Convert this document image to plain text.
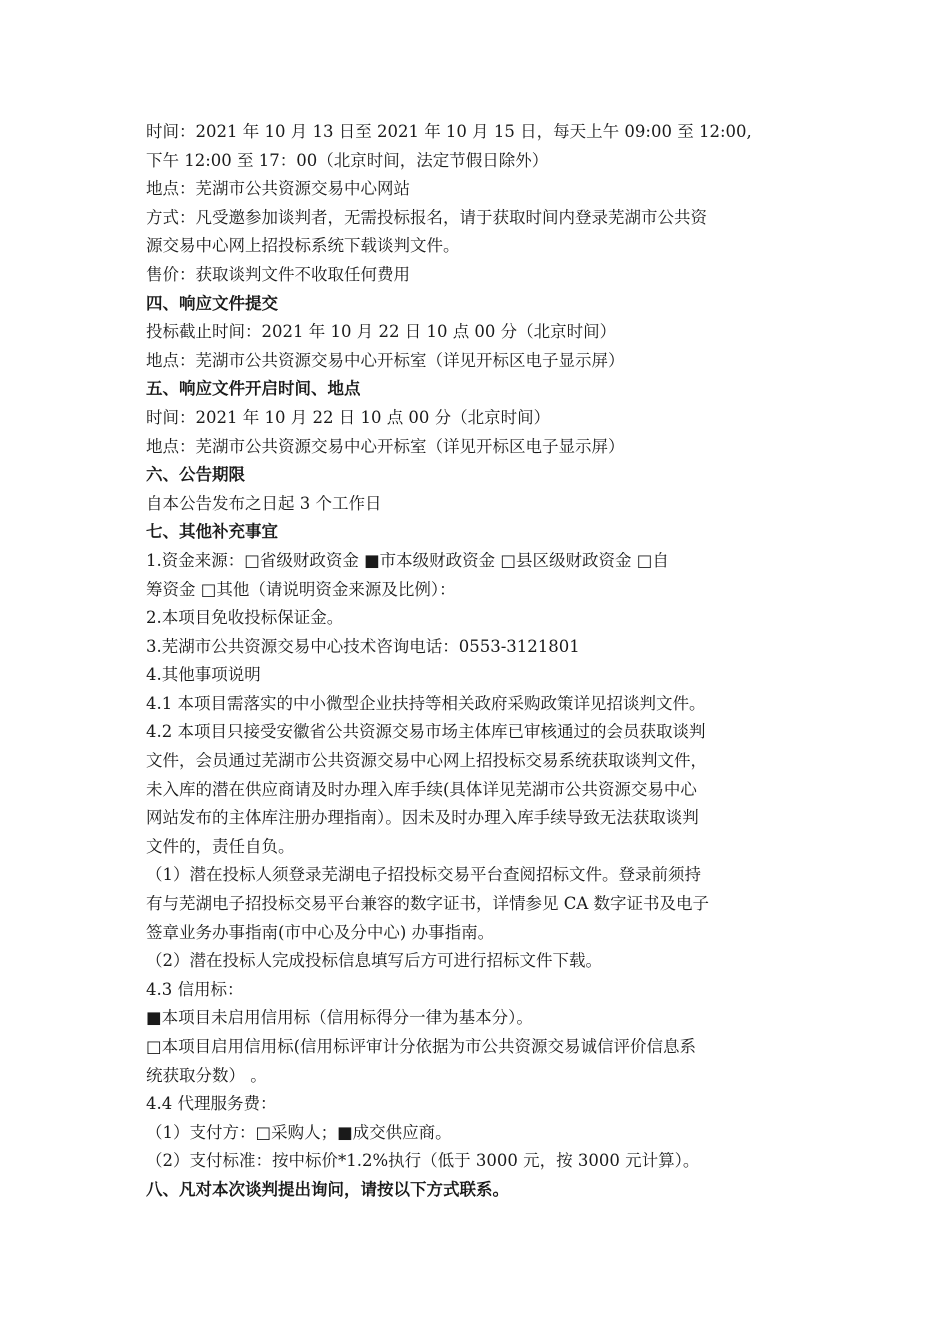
时间：2021 年 10 月 13 日至 2021 年 10 月 15 日，每天上午 09:00 至 12:00,
下午 12:00 至 17：00（北京时间，法定节假日除外）
地点：芜湖市公共资源交易中心网站
方式：凡受邀参加谈判者，无需投标报名，请于获取时间内登录芜湖市公共资
源交易中心网上招投标系统下载谈判文件。
售价：获取谈判文件不收取任何费用
四、响应文件提交
投标截止时间：2021 年 10 月 22 日 10 点 00 分（北京时间）
地点：芜湖市公共资源交易中心开标室（详见开标区电子显示屏）
五、响应文件开启时间、地点
时间：2021 年 10 月 22 日 10 点 00 分（北京时间）
地点：芜湖市公共资源交易中心开标室（详见开标区电子显示屏）
六、公告期限
自本公告发布之日起 3 个工作日
七、其他补充事宜
1.资金来源：□省级财政资金 ■市本级财政资金 □县区级财政资金 □自
筹资金 □其他（请说明资金来源及比例）：
2.本项目免收投标保证金。
3.芜湖市公共资源交易中心技术咨询电话：0553-3121801
4.其他事项说明
4.1 本项目需落实的中小微型企业扶持等相关政府采购政策详见招谈判文件。
4.2 本项目只接受安徽省公共资源交易市场主体库已审核通过的会员获取谈判
文件，会员通过芜湖市公共资源交易中心网上招投标交易系统获取谈判文件，
未入库的潜在供应商请及时办理入库手续(具体详见芜湖市公共资源交易中心
网站发布的主体库注册办理指南）。因未及时办理入库手续导致无法获取谈判
文件的，责任自负。
（1）潜在投标人须登录芜湖电子招投标交易平台查阅招标文件。登录前须持
有与芜湖电子招投标交易平台兼容的数字证书，详情参见 CA 数字证书及电子
签章业务办事指南(市中心及分中心) 办事指南。
（2）潜在投标人完成投标信息填写后方可进行招标文件下载。
4.3 信用标：
■本项目未启用信用标（信用标得分一律为基本分）。
□本项目启用信用标(信用标评审计分依据为市公共资源交易诚信评价信息系
统获取分数） 。
4.4 代理服务费：
（1）支付方：□采购人；■成交供应商。
（2）支付标准：按中标价*1.2%执行（低于 3000 元，按 3000 元计算）。
八、凡对本次谈判提出询问，请按以下方式联系。
